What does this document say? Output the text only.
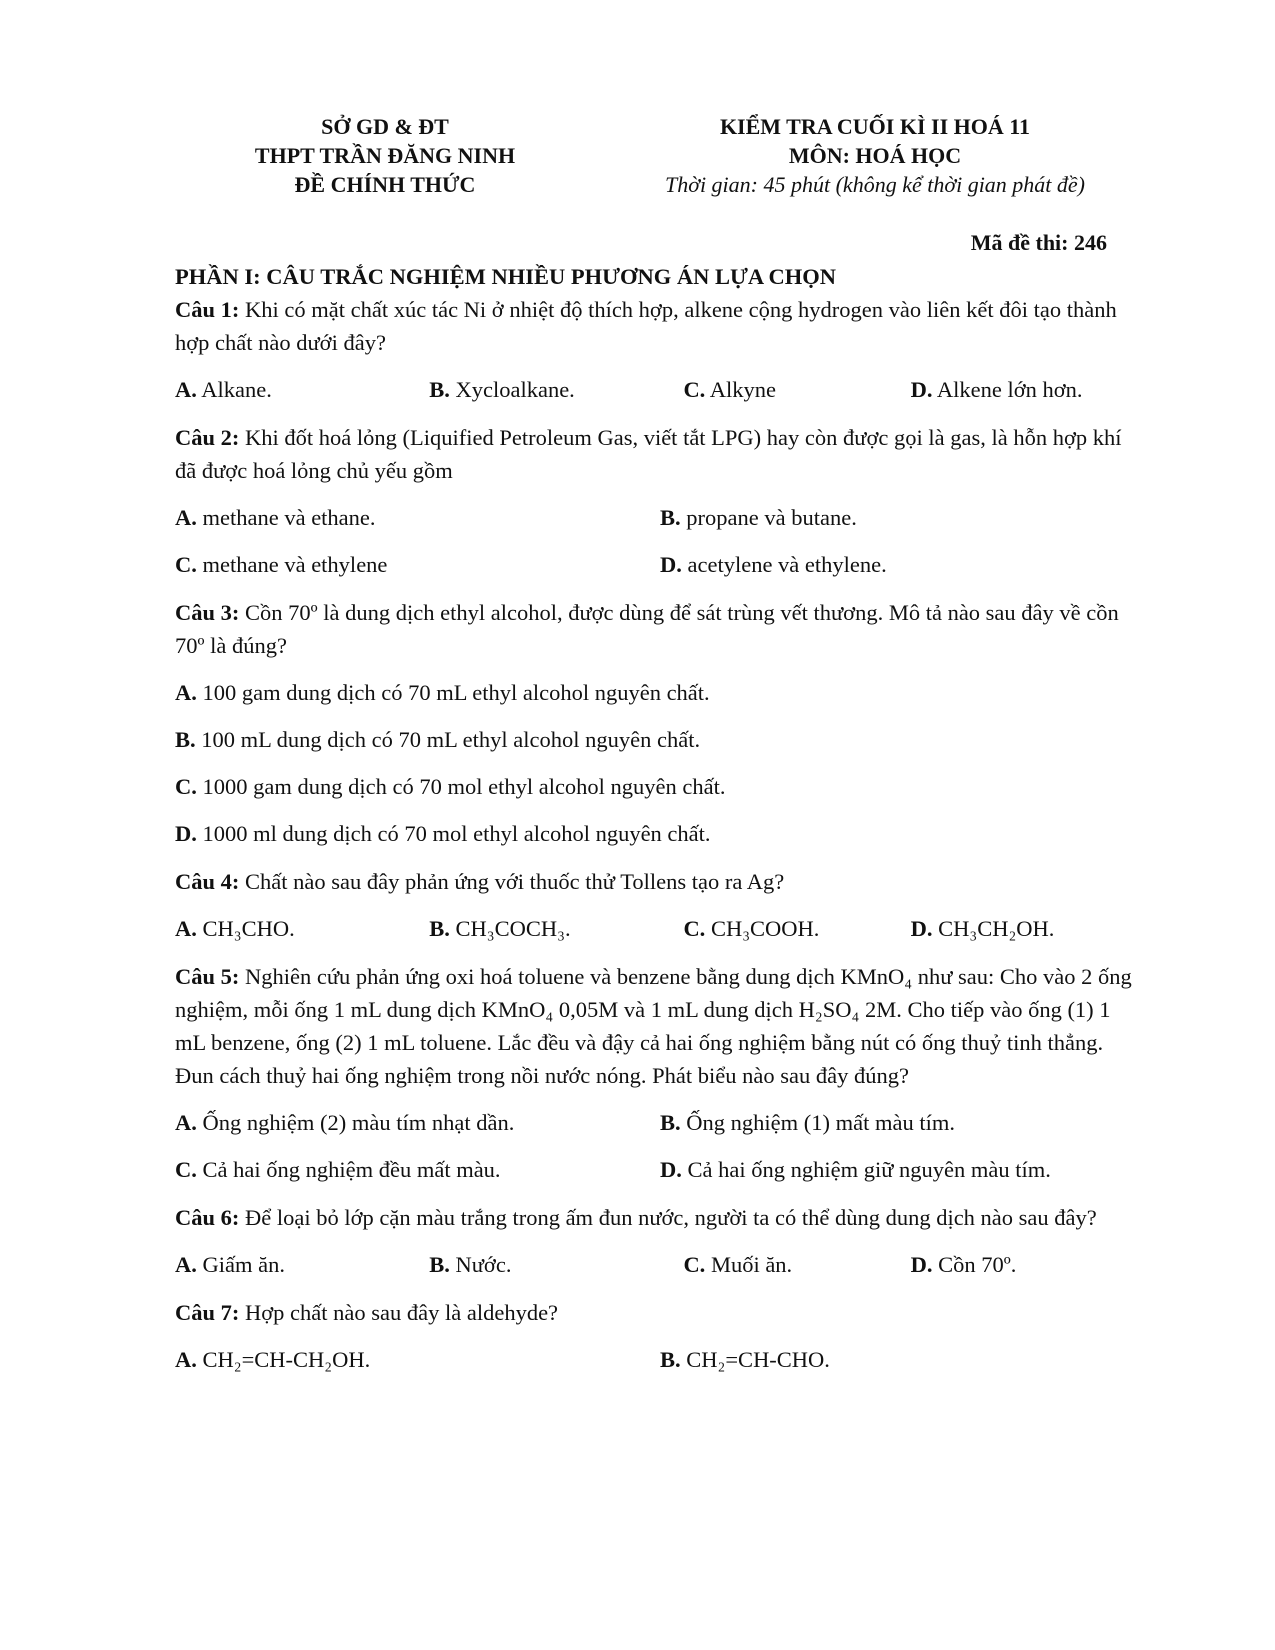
SỞ GD & ĐT
THPT TRẦN ĐĂNG NINH
ĐỀ CHÍNH THỨC
KIỂM TRA CUỐI KÌ II HOÁ 11
MÔN: HOÁ HỌC
Thời gian: 45 phút (không kể thời gian phát đề)
Mã đề thi: 246
PHẦN I: CÂU TRẮC NGHIỆM NHIỀU PHƯƠNG ÁN LỰA CHỌN
Câu 1: Khi có mặt chất xúc tác Ni ở nhiệt độ thích hợp, alkene cộng hydrogen vào liên kết đôi tạo thành hợp chất nào dưới đây?
A. Alkane.	B. Xycloalkane.	C. Alkyne	D. Alkene lớn hơn.
Câu 2: Khi đốt hoá lỏng (Liquified Petroleum Gas, viết tắt LPG) hay còn được gọi là gas, là hỗn hợp khí đã được hoá lỏng chủ yếu gồm
A. methane và ethane.	B. propane và butane.
C. methane và ethylene	D. acetylene và ethylene.
Câu 3: Cồn 70º là dung dịch ethyl alcohol, được dùng để sát trùng vết thương. Mô tả nào sau đây về cồn 70º là đúng?
A. 100 gam dung dịch có 70 mL ethyl alcohol nguyên chất.
B. 100 mL dung dịch có 70 mL ethyl alcohol nguyên chất.
C. 1000 gam dung dịch có 70 mol ethyl alcohol nguyên chất.
D. 1000 ml dung dịch có 70 mol ethyl alcohol nguyên chất.
Câu 4: Chất nào sau đây phản ứng với thuốc thử Tollens tạo ra Ag?
A. CH₃CHO.	B. CH₃COCH₃.	C. CH₃COOH.	D. CH₃CH₂OH.
Câu 5: Nghiên cứu phản ứng oxi hoá toluene và benzene bằng dung dịch KMnO₄ như sau: Cho vào 2 ống nghiệm, mỗi ống 1 mL dung dịch KMnO₄ 0,05M và 1 mL dung dịch H₂SO₄ 2M. Cho tiếp vào ống (1) 1 mL benzene, ống (2) 1 mL toluene. Lắc đều và đậy cả hai ống nghiệm bằng nút có ống thuỷ tinh thẳng. Đun cách thuỷ hai ống nghiệm trong nồi nước nóng. Phát biểu nào sau đây đúng?
A. Ống nghiệm (2) màu tím nhạt dần.	B. Ống nghiệm (1) mất màu tím.
C. Cả hai ống nghiệm đều mất màu.	D. Cả hai ống nghiệm giữ nguyên màu tím.
Câu 6: Để loại bỏ lớp cặn màu trắng trong ấm đun nước, người ta có thể dùng dung dịch nào sau đây?
A. Giấm ăn.	B. Nước.	C. Muối ăn.	D. Cồn 70º.
Câu 7: Hợp chất nào sau đây là aldehyde?
A. CH₂=CH-CH₂OH.	B. CH₂=CH-CHO.
